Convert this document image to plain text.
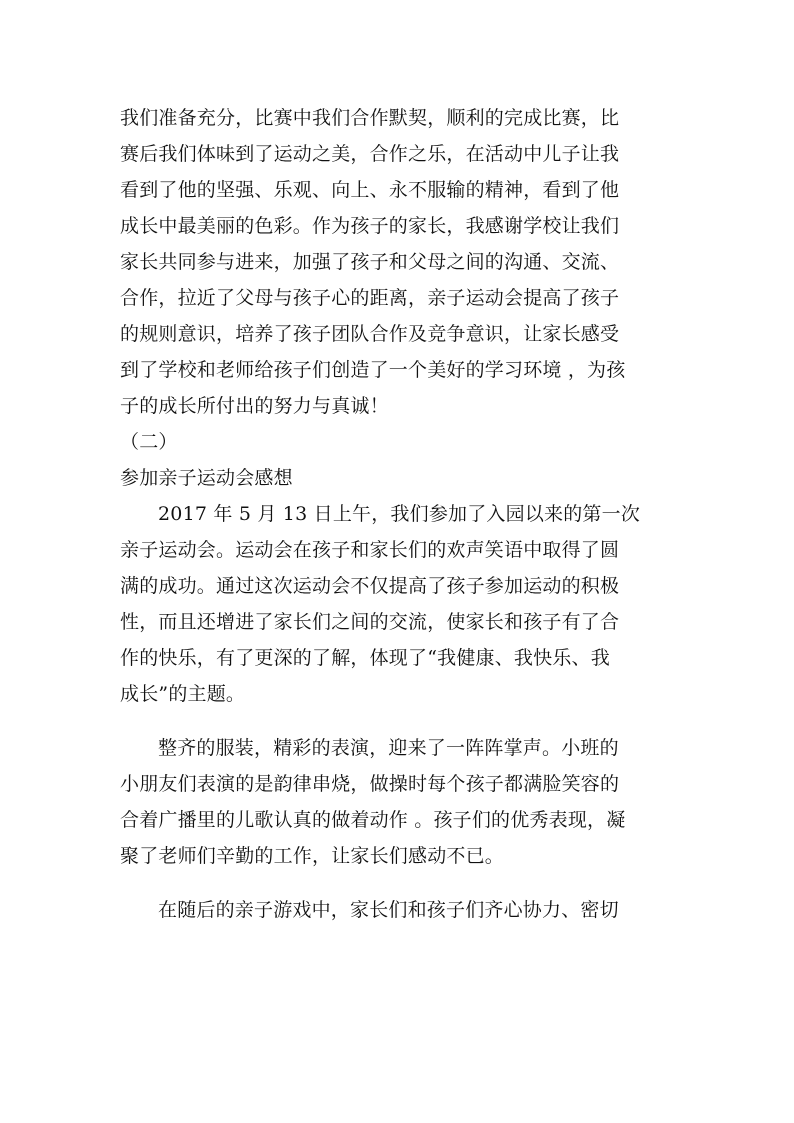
我们准备充分，比赛中我们合作默契，顺利的完成比赛，比
赛后我们体味到了运动之美，合作之乐，在活动中儿子让我
看到了他的坚强、乐观、向上、永不服输的精神，看到了他
成长中最美丽的色彩。作为孩子的家长，我感谢学校让我们
家长共同参与进来，加强了孩子和父母之间的沟通、交流、
合作，拉近了父母与孩子心的距离，亲子运动会提高了孩子
的规则意识，培养了孩子团队合作及竞争意识，让家长感受
到了学校和老师给孩子们创造了一个美好的学习环境 ，为孩
子的成长所付出的努力与真诚！
（二）
参加亲子运动会感想
2017 年 5 月 13 日上午，我们参加了入园以来的第一次
亲子运动会。运动会在孩子和家长们的欢声笑语中取得了圆
满的成功。通过这次运动会不仅提高了孩子参加运动的积极
性，而且还增进了家长们之间的交流，使家长和孩子有了合
作的快乐，有了更深的了解，体现了“我健康、我快乐、我
成长”的主题。
整齐的服装，精彩的表演，迎来了一阵阵掌声。小班的
小朋友们表演的是韵律串烧，做操时每个孩子都满脸笑容的
合着广播里的儿歌认真的做着动作 。孩子们的优秀表现，凝
聚了老师们辛勤的工作，让家长们感动不已。
在随后的亲子游戏中，家长们和孩子们齐心协力、密切
